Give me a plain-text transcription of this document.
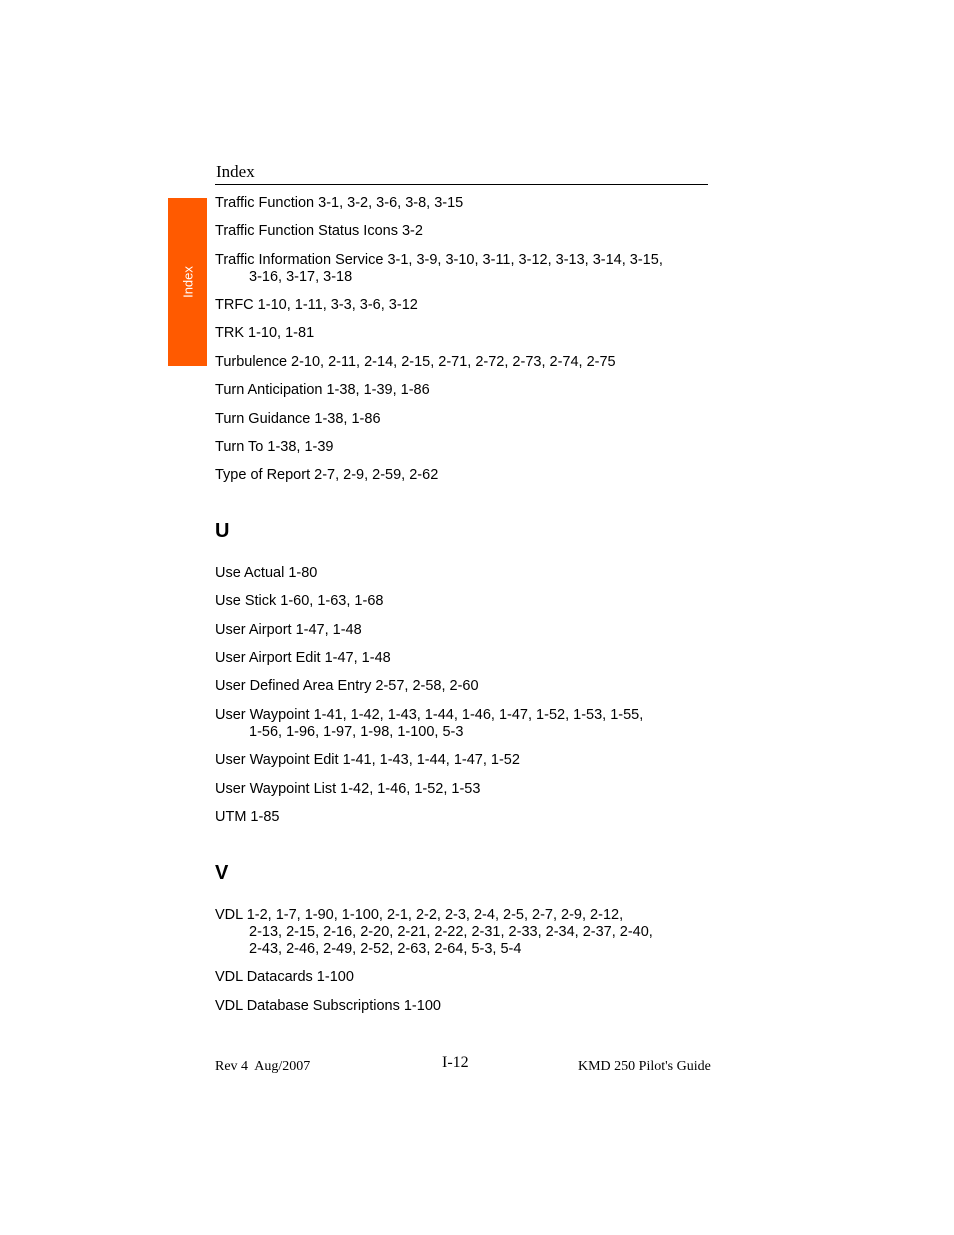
Index
Index

Traffic Function 3-1, 3-2, 3-6, 3-8, 3-15

Traffic Function Status Icons 3-2

Traffic Information Service 3-1, 3-9, 3-10, 3-11, 3-12, 3-13, 3-14, 3-15,
3-16, 3-17, 3-18

TRFC 1-10, 1-11, 3-3, 3-6, 3-12

TRK 1-10, 1-81

Turbulence 2-10, 2-11, 2-14, 2-15, 2-71, 2-72, 2-73, 2-74, 2-75

Turn Anticipation 1-38, 1-39, 1-86

Turn Guidance 1-38, 1-86

Turn To 1-38, 1-39

Type of Report 2-7, 2-9, 2-59, 2-62

U

Use Actual 1-80

Use Stick 1-60, 1-63, 1-68

User Airport 1-47, 1-48

User Airport Edit 1-47, 1-48

User Defined Area Entry 2-57, 2-58, 2-60

User Waypoint 1-41, 1-42, 1-43, 1-44, 1-46, 1-47, 1-52, 1-53, 1-55,
1-56, 1-96, 1-97, 1-98, 1-100, 5-3

User Waypoint Edit 1-41, 1-43, 1-44, 1-47, 1-52

User Waypoint List 1-42, 1-46, 1-52, 1-53

UTM 1-85

V

VDL 1-2, 1-7, 1-90, 1-100, 2-1, 2-2, 2-3, 2-4, 2-5, 2-7, 2-9, 2-12,
2-13, 2-15, 2-16, 2-20, 2-21, 2-22, 2-31, 2-33, 2-34, 2-37, 2-40,
2-43, 2-46, 2-49, 2-52, 2-63, 2-64, 5-3, 5-4

VDL Datacards 1-100

VDL Database Subscriptions 1-100

Rev 4  Aug/2007	I-12	KMD 250 Pilot's Guide
